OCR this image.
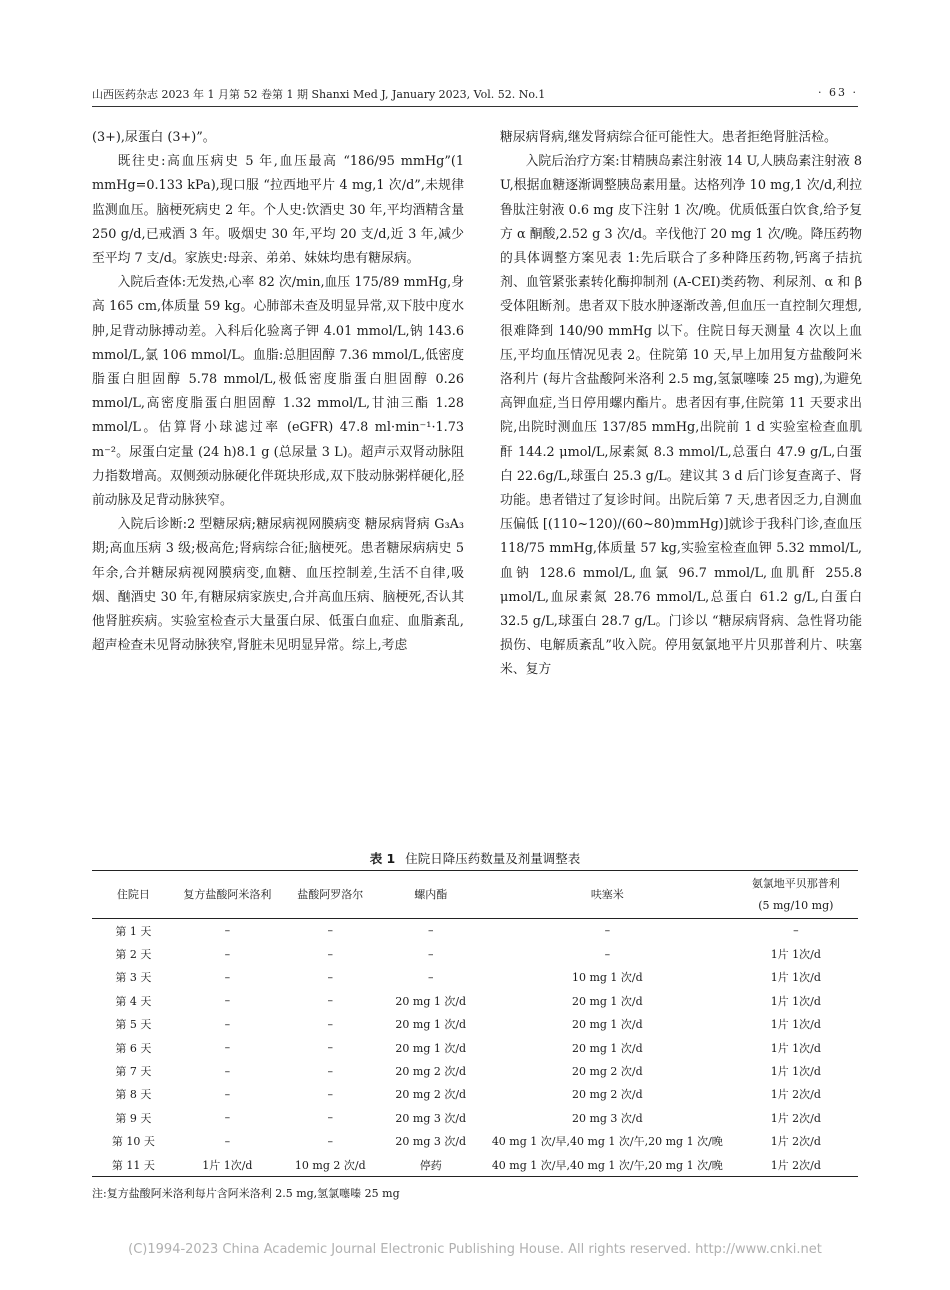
山西医药杂志 2023 年 1 月第 52 卷第 1 期 Shanxi Med J, January 2023, Vol. 52. No.1	· 63 ·

(3+),尿蛋白 (3+)”。

既往史:高血压病史 5 年,血压最高 “186/95 mmHg”(1 mmHg=0.133 kPa),现口服 “拉西地平片 4 mg,1 次/d”,未规律监测血压。脑梗死病史 2 年。个人史:饮酒史 30 年,平均酒精含量 250 g/d,已戒酒 3 年。吸烟史 30 年,平均 20 支/d,近 3 年,减少至平均 7 支/d。家族史:母亲、弟弟、妹妹均患有糖尿病。

入院后查体:无发热,心率 82 次/min,血压 175/89 mmHg,身高 165 cm,体质量 59 kg。心肺部未查及明显异常,双下肢中度水肿,足背动脉搏动差。入科后化验离子钾 4.01 mmol/L,钠 143.6 mmol/L,氯 106 mmol/L。血脂:总胆固醇 7.36 mmol/L,低密度脂蛋白胆固醇 5.78 mmol/L,极低密度脂蛋白胆固醇 0.26 mmol/L,高密度脂蛋白胆固醇 1.32 mmol/L,甘油三酯 1.28 mmol/L。估算肾小球滤过率 (eGFR) 47.8 ml·min⁻¹·1.73 m⁻²。尿蛋白定量 (24 h)8.1 g (总尿量 3 L)。超声示双肾动脉阻力指数增高。双侧颈动脉硬化伴斑块形成,双下肢动脉粥样硬化,胫前动脉及足背动脉狭窄。

入院后诊断:2 型糖尿病;糖尿病视网膜病变 糖尿病肾病 G₃A₃ 期;高血压病 3 级;极高危;肾病综合征;脑梗死。患者糖尿病病史 5 年余,合并糖尿病视网膜病变,血糖、血压控制差,生活不自律,吸烟、酗酒史 30 年,有糖尿病家族史,合并高血压病、脑梗死,否认其他肾脏疾病。实验室检查示大量蛋白尿、低蛋白血症、血脂紊乱,超声检查未见肾动脉狭窄,肾脏未见明显异常。综上,考虑

糖尿病肾病,继发肾病综合征可能性大。患者拒绝肾脏活检。

入院后治疗方案:甘精胰岛素注射液 14 U,人胰岛素注射液 8 U,根据血糖逐渐调整胰岛素用量。达格列净 10 mg,1 次/d,利拉鲁肽注射液 0.6 mg 皮下注射 1 次/晚。优质低蛋白饮食,给予复方 α 酮酸,2.52 g 3 次/d。辛伐他汀 20 mg 1 次/晚。降压药物的具体调整方案见表 1:先后联合了多种降压药物,钙离子拮抗剂、血管紧张素转化酶抑制剂 (A-CEI)类药物、利尿剂、α 和 β 受体阻断剂。患者双下肢水肿逐渐改善,但血压一直控制欠理想,很难降到 140/90 mmHg 以下。住院日每天测量 4 次以上血压,平均血压情况见表 2。住院第 10 天,早上加用复方盐酸阿米洛利片 (每片含盐酸阿米洛利 2.5 mg,氢氯噻嗪 25 mg),为避免高钾血症,当日停用螺内酯片。患者因有事,住院第 11 天要求出院,出院时测血压 137/85 mmHg,出院前 1 d 实验室检查血肌酐 144.2 μmol/L,尿素氮 8.3 mmol/L,总蛋白 47.9 g/L,白蛋白 22.6g/L,球蛋白 25.3 g/L。建议其 3 d 后门诊复查离子、肾功能。患者错过了复诊时间。出院后第 7 天,患者因乏力,自测血压偏低 [(110~120)/(60~80)mmHg)]就诊于我科门诊,查血压 118/75 mmHg,体质量 57 kg,实验室检查血钾 5.32 mmol/L,血钠 128.6 mmol/L,血氯 96.7 mmol/L,血肌酐 255.8 μmol/L,血尿素氮 28.76 mmol/L,总蛋白 61.2 g/L,白蛋白 32.5 g/L,球蛋白 28.7 g/L。门诊以 “糖尿病肾病、急性肾功能损伤、电解质紊乱”收入院。停用氨氯地平片贝那普利片、呋塞米、复方

表 1 住院日降压药数量及剂量调整表
住院日	复方盐酸阿米洛利	盐酸阿罗洛尔	螺内酯	呋塞米	氨氯地平贝那普利
(5 mg/10 mg)

第 1 天	–	–	–	–	–
第 2 天	–	–	–	–	1片 1次/d
第 3 天	–	–	–	10 mg 1 次/d	1片 1次/d
第 4 天	–	–	20 mg 1 次/d	20 mg 1 次/d	1片 1次/d
第 5 天	–	–	20 mg 1 次/d	20 mg 1 次/d	1片 1次/d
第 6 天	–	–	20 mg 1 次/d	20 mg 1 次/d	1片 1次/d
第 7 天	–	–	20 mg 2 次/d	20 mg 2 次/d	1片 1次/d
第 8 天	–	–	20 mg 2 次/d	20 mg 2 次/d	1片 2次/d
第 9 天	–	–	20 mg 3 次/d	20 mg 3 次/d	1片 2次/d
第 10 天	–	–	20 mg 3 次/d	40 mg 1 次/早,40 mg 1 次/午,20 mg 1 次/晚	1片 2次/d
第 11 天	1片 1次/d	10 mg 2 次/d	停药	40 mg 1 次/早,40 mg 1 次/午,20 mg 1 次/晚	1片 2次/d
注:复方盐酸阿米洛利每片含阿米洛利 2.5 mg,氢氯噻嗪 25 mg
(C)1994-2023 China Academic Journal Electronic Publishing House. All rights reserved. http://www.cnki.net
